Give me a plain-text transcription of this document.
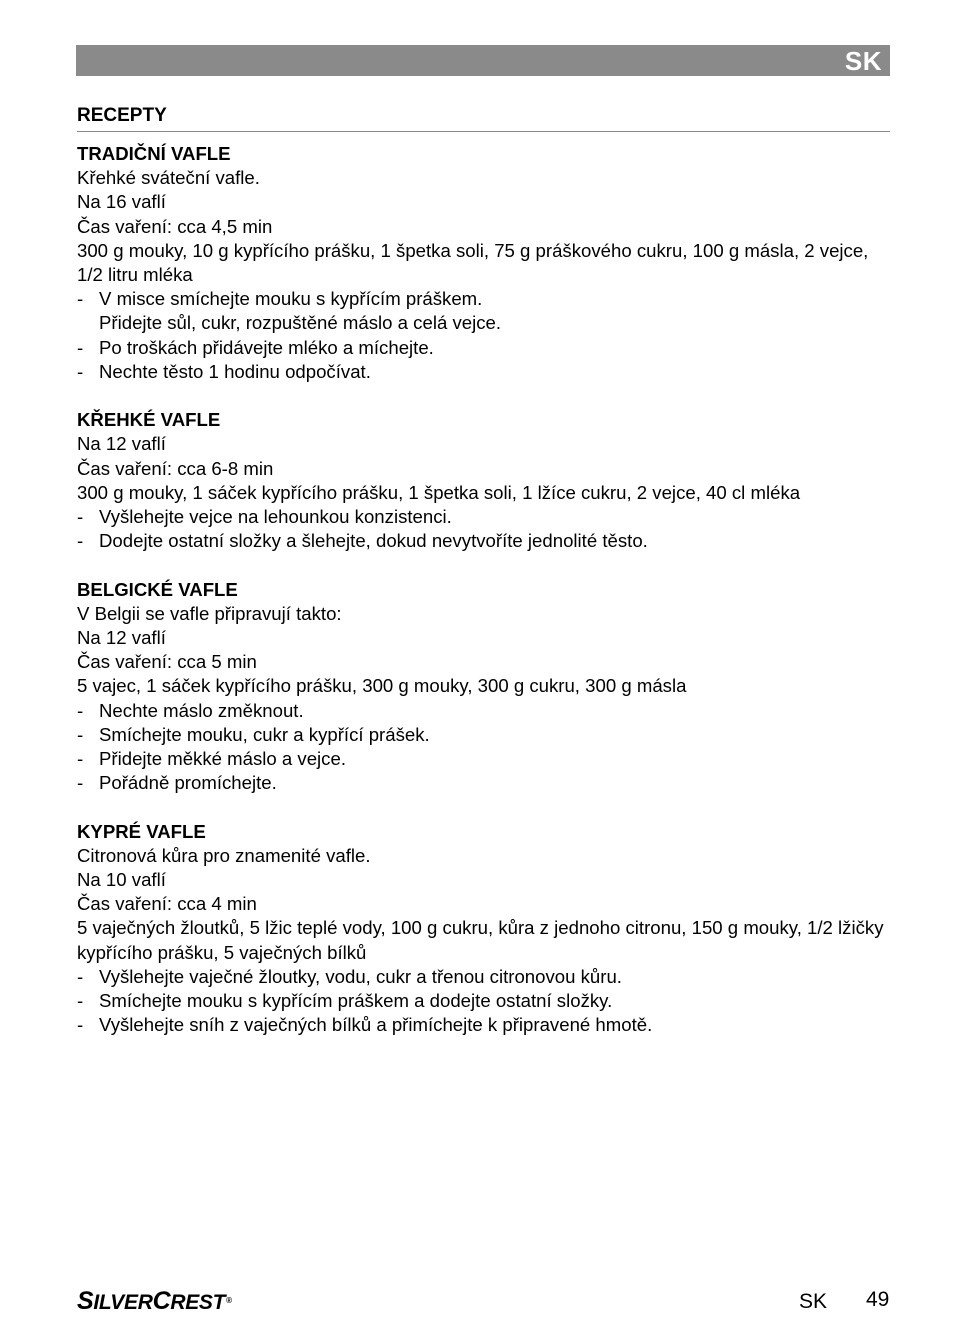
SK
RECEPTY
TRADIČNÍ VAFLE
Křehké sváteční vafle.
Na 16 vaflí
Čas vaření: cca 4,5 min
300 g mouky, 10 g kypřícího prášku, 1 špetka soli, 75 g práškového cukru, 100 g másla, 2 vejce, 1/2 litru mléka
- V misce smíchejte mouku s kypřícím práškem.
Přidejte sůl, cukr, rozpuštěné máslo a celá vejce.
- Po troškách přidávejte mléko a míchejte.
- Nechte těsto 1 hodinu odpočívat.
KŘEHKÉ VAFLE
Na 12 vaflí
Čas vaření: cca 6-8 min
300 g mouky, 1 sáček kypřícího prášku, 1 špetka soli, 1 lžíce cukru, 2 vejce, 40 cl mléka
- Vyšlehejte vejce na lehounkou konzistenci.
- Dodejte ostatní složky a šlehejte, dokud nevytvoříte jednolité těsto.
BELGICKÉ VAFLE
V Belgii se vafle připravují takto:
Na 12 vaflí
Čas vaření: cca 5 min
5 vajec, 1 sáček kypřícího prášku, 300 g mouky, 300 g cukru, 300 g másla
- Nechte máslo změknout.
- Smíchejte mouku, cukr a kypřící prášek.
- Přidejte měkké máslo a vejce.
- Pořádně promíchejte.
KYPRÉ VAFLE
Citronová kůra pro znamenité vafle.
Na 10 vaflí
Čas vaření: cca 4 min
5 vaječných žloutků, 5 lžic teplé vody, 100 g cukru, kůra z jednoho citronu, 150 g mouky, 1/2 lžičky kypřícího prášku, 5 vaječných bílků
- Vyšlehejte vaječné žloutky, vodu, cukr a třenou citronovou kůru.
- Smíchejte mouku s kypřícím práškem a dodejte ostatní složky.
- Vyšlehejte sníh z vaječných bílků a přimíchejte k připravené hmotě.
SILVERCREST®	SK 49
